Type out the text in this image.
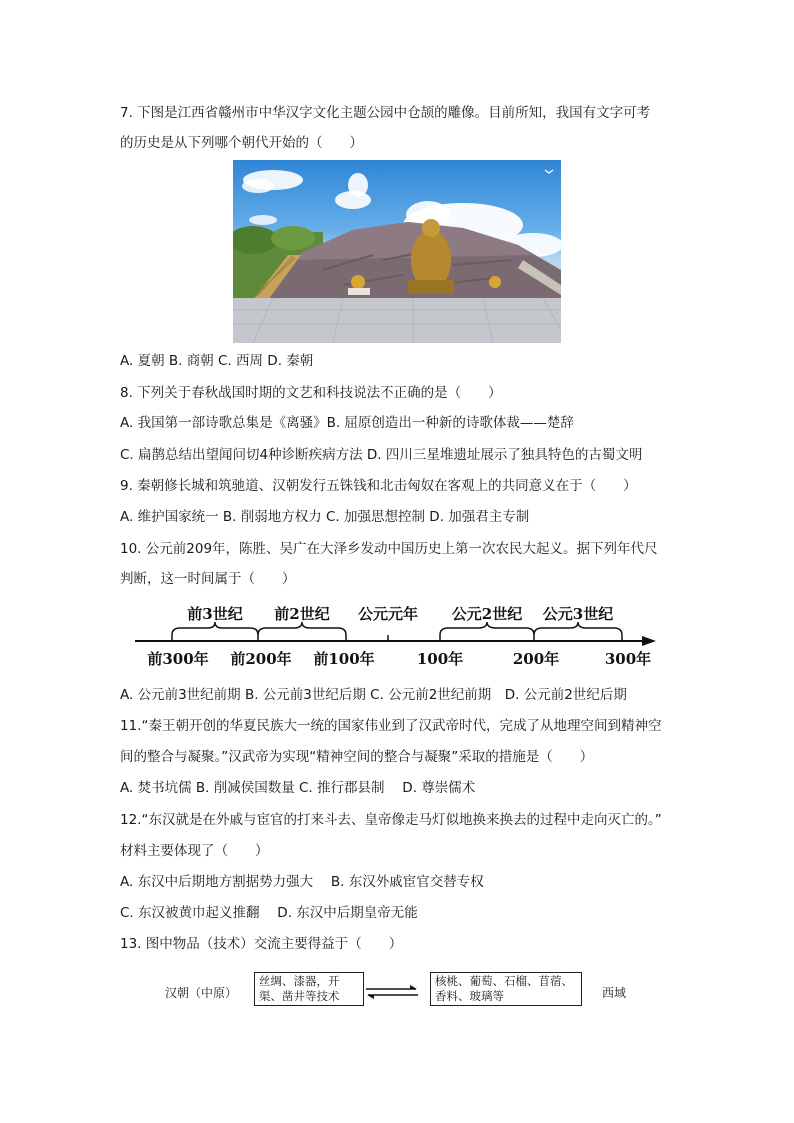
7. 下图是江西省赣州市中华汉字文化主题公园中仓颉的雕像。目前所知，我国有文字可考
的历史是从下列哪个朝代开始的（　　）
A. 夏朝 B. 商朝 C. 西周 D. 秦朝
8. 下列关于春秋战国时期的文艺和科技说法不正确的是（　　）
A. 我国第一部诗歌总集是《离骚》B. 屈原创造出一种新的诗歌体裁——楚辞
C. 扁鹊总结出望闻问切4种诊断疾病方法 D. 四川三星堆遗址展示了独具特色的古蜀文明
9. 秦朝修长城和筑驰道、汉朝发行五铢钱和北击匈奴在客观上的共同意义在于（　　）
A. 维护国家统一 B. 削弱地方权力 C. 加强思想控制 D. 加强君主专制
10. 公元前209年，陈胜、吴广在大泽乡发动中国历史上第一次农民大起义。据下列年代尺
判断，这一时间属于（　　）
前3世纪 前2世纪 公元元年 公元2世纪 公元3世纪
前300年 前200年 前100年	100年	200年	300年
A. 公元前3世纪前期 B. 公元前3世纪后期 C. 公元前2世纪前期　D. 公元前2世纪后期
11.“秦王朝开创的华夏民族大一统的国家伟业到了汉武帝时代，完成了从地理空间到精神空
间的整合与凝聚。”汉武帝为实现“精神空间的整合与凝聚”采取的措施是（　　）
A. 焚书坑儒 B. 削减侯国数量 C. 推行郡县制　 D. 尊崇儒术
12.“东汉就是在外戚与宦官的打来斗去、皇帝像走马灯似地换来换去的过程中走向灭亡的。”
材料主要体现了（　　）
A. 东汉中后期地方割据势力强大　 B. 东汉外戚宦官交替专权
C. 东汉被黄巾起义推翻　 D. 东汉中后期皇帝无能
13. 图中物品（技术）交流主要得益于（　　）
汉朝（中原）
丝绸、漆器，开
渠、凿井等技术
核桃、葡萄、石榴、苜蓿、
香料、玻璃等	西域
